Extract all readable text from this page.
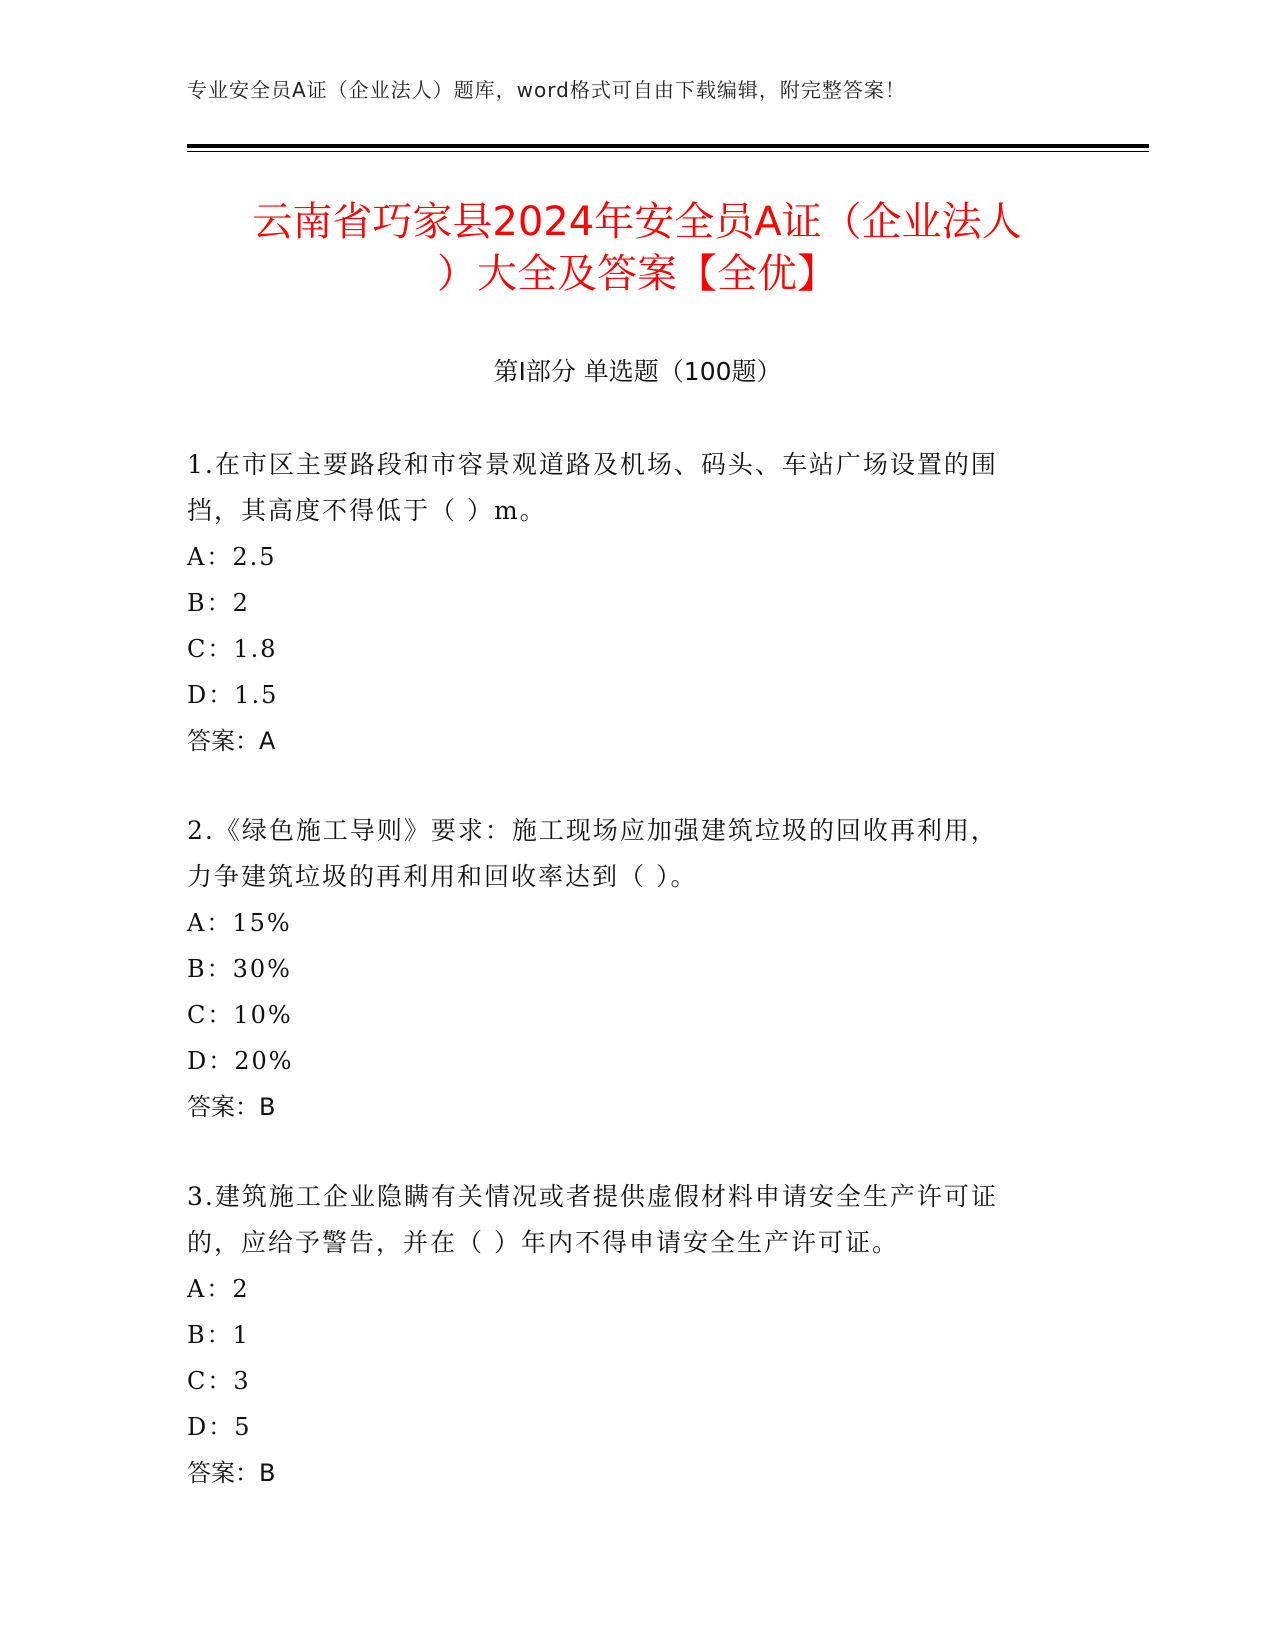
专业安全员A证（企业法人）题库，word格式可自由下载编辑，附完整答案！
云南省巧家县2024年安全员A证（企业法人
）大全及答案【全优】
第Ⅰ部分 单选题（100题）

1.在市区主要路段和市容景观道路及机场、码头、车站广场设置的围

挡，其高度不得低于（ ）m。

A：2.5

B：2

C：1.8

D：1.5

答案：A

2.《绿色施工导则》要求：施工现场应加强建筑垃圾的回收再利用，

力争建筑垃圾的再利用和回收率达到（ ）。

A：15%

B：30%

C：10%

D：20%

答案：B

3.建筑施工企业隐瞒有关情况或者提供虚假材料申请安全生产许可证

的，应给予警告，并在（ ）年内不得申请安全生产许可证。

A：2

B：1

C：3

D：5

答案：B
